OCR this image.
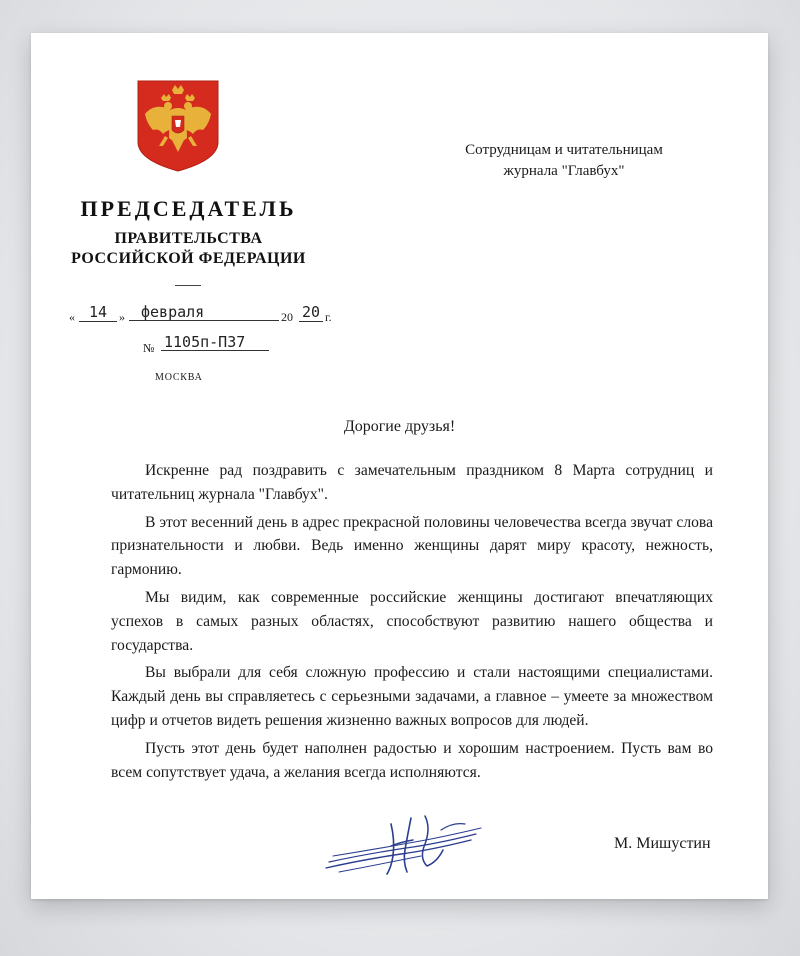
ПРЕДСЕДАТЕЛЬ
ПРАВИТЕЛЬСТВА
РОССИЙСКОЙ ФЕДЕРАЦИИ
« 14 »	февраля	20 20 г.
№ 1105п-П37
МОСКВА
Сотрудницам и читательницам
журнала "Главбух"
Дорогие друзья!

Искренне рад поздравить с замечательным праздником 8 Марта сотрудниц и читательниц журнала "Главбух".

В этот весенний день в адрес прекрасной половины человечества всегда звучат слова признательности и любви. Ведь именно женщины дарят миру красоту, нежность, гармонию.

Мы видим, как современные российские женщины достигают впечатляющих успехов в самых разных областях, способствуют развитию нашего общества и государства.

Вы выбрали для себя сложную профессию и стали настоящими специалистами. Каждый день вы справляетесь с серьезными задачами, а главное – умеете за множеством цифр и отчетов видеть решения жизненно важных вопросов для людей.

Пусть этот день будет наполнен радостью и хорошим настроением. Пусть вам во всем сопутствует удача, а желания всегда исполняются.

М. Мишустин
